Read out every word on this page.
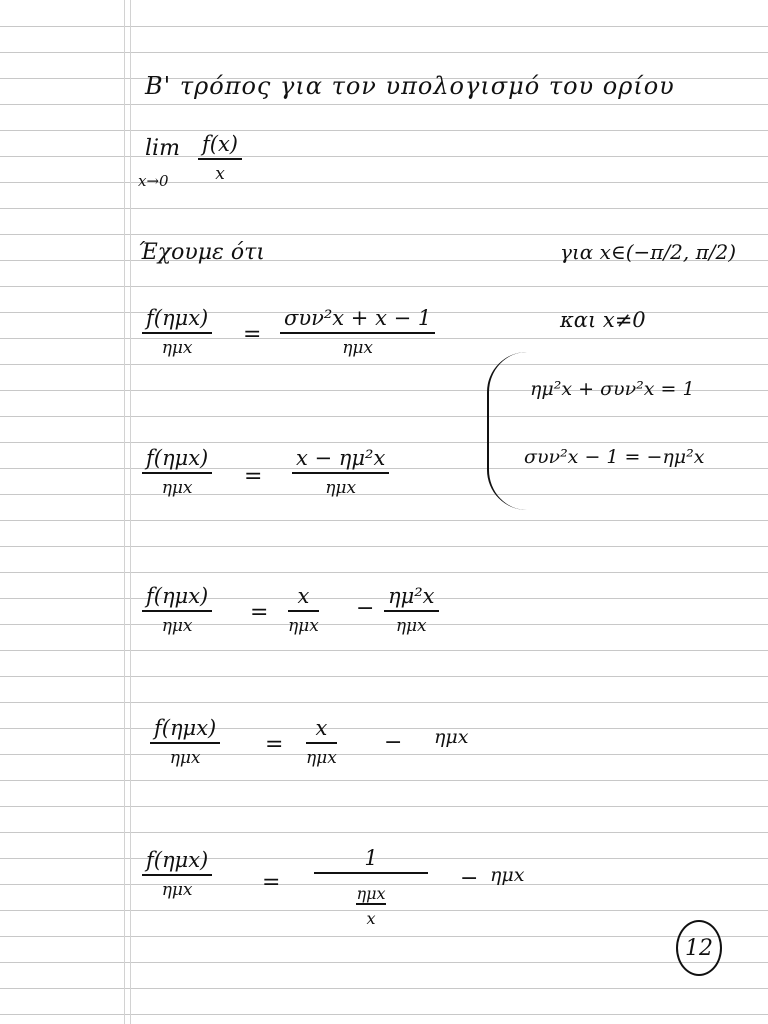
Β' τρόπος για τον υπολογισμό του ορίου
lim
x→0
f(x)
x
Έχουμε ότι	για x∈(−π/2, π/2)
και x≠0
f(ημx)
ημx
=
συν²x + x − 1
ημx
ημ²x + συν²x = 1
συν²x − 1 = −ημ²x
f(ημx)
ημx =
x − ημ²x
ημx
f(ημx)
ημx
=
x
ημx
− ημ²x
ημx
f(ημx)
ημx
=
x
ημx
− ημx
f(ημx)
ημx	=
1
$\frac{\text{ημx}}{x}$
− ημx
12
